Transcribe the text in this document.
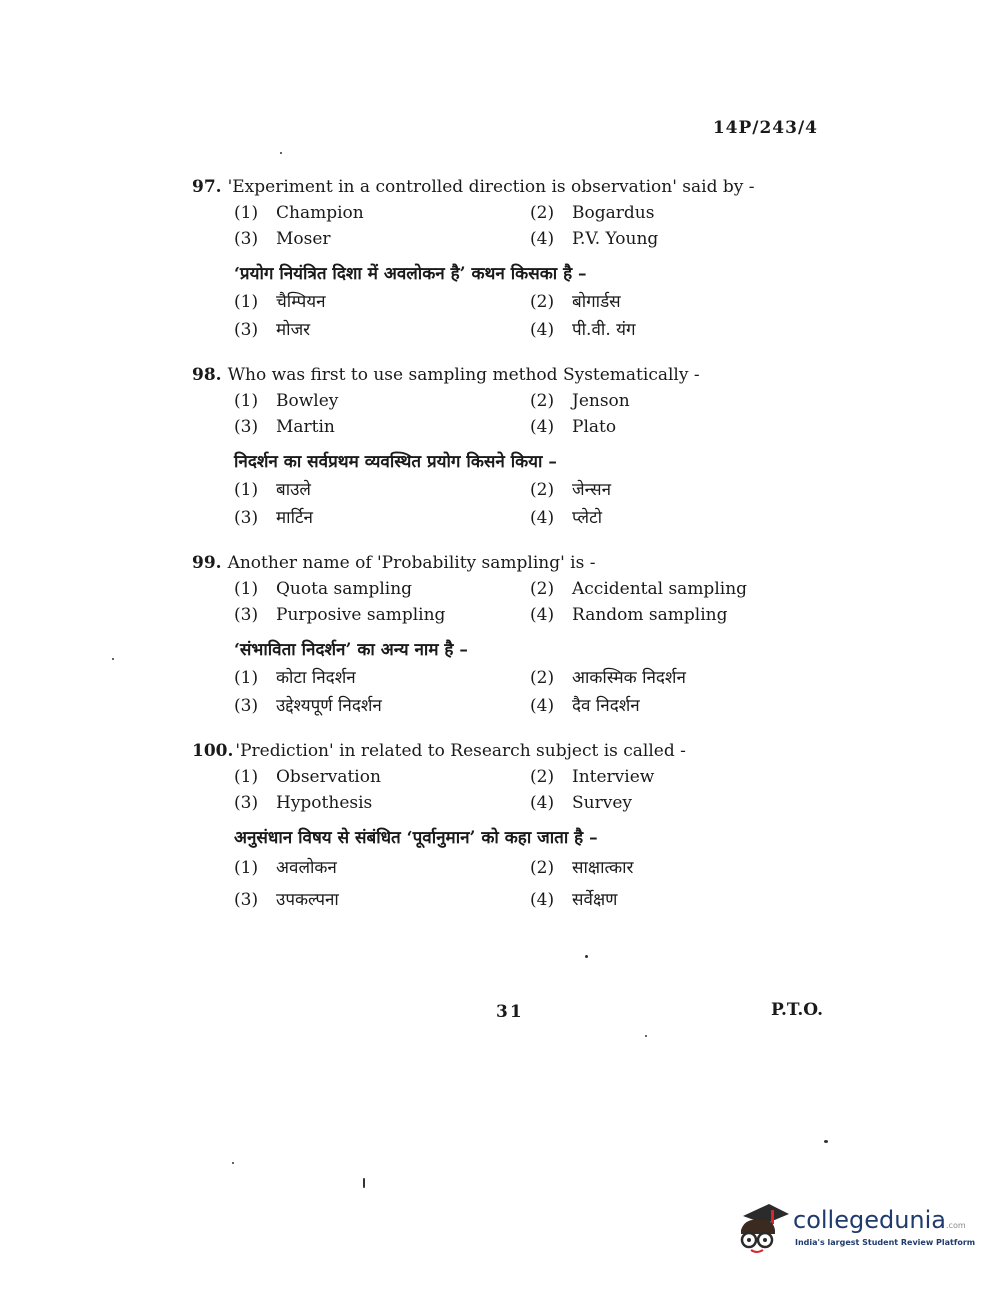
14P/243/4
97. 'Experiment in a controlled direction is observation' said by -
(1) Champion	(2) Bogardus
(3) Moser	(4) P.V. Young
‘प्रयोग नियंत्रित दिशा में अवलोकन है’ कथन किसका है –
(1) चैम्पियन	(2) बोगार्डस
(3) मोजर	(4) पी.वी. यंग
98. Who was first to use sampling method Systematically -
(1) Bowley	(2) Jenson
(3) Martin	(4) Plato
निदर्शन का सर्वप्रथम व्यवस्थित प्रयोग किसने किया –
(1) बाउले	(2) जेन्सन
(3) मार्टिन	(4) प्लेटो
99. Another name of 'Probability sampling' is -
(1) Quota sampling	(2) Accidental sampling
(3) Purposive sampling	(4) Random sampling
‘संभाविता निदर्शन’ का अन्य नाम है –
(1) कोटा निदर्शन	(2) आकस्मिक निदर्शन
(3) उद्देश्यपूर्ण निदर्शन	(4) दैव निदर्शन
100. 'Prediction' in related to Research subject is called -
(1) Observation	(2) Interview
(3) Hypothesis	(4) Survey
अनुसंधान विषय से संबंधित ‘पूर्वानुमान’ को कहा जाता है –
(1) अवलोकन	(2) साक्षात्कार
(3) उपकल्पना	(4) सर्वेक्षण
31	P.T.O.
collegedunia.com
India's largest Student Review Platform
